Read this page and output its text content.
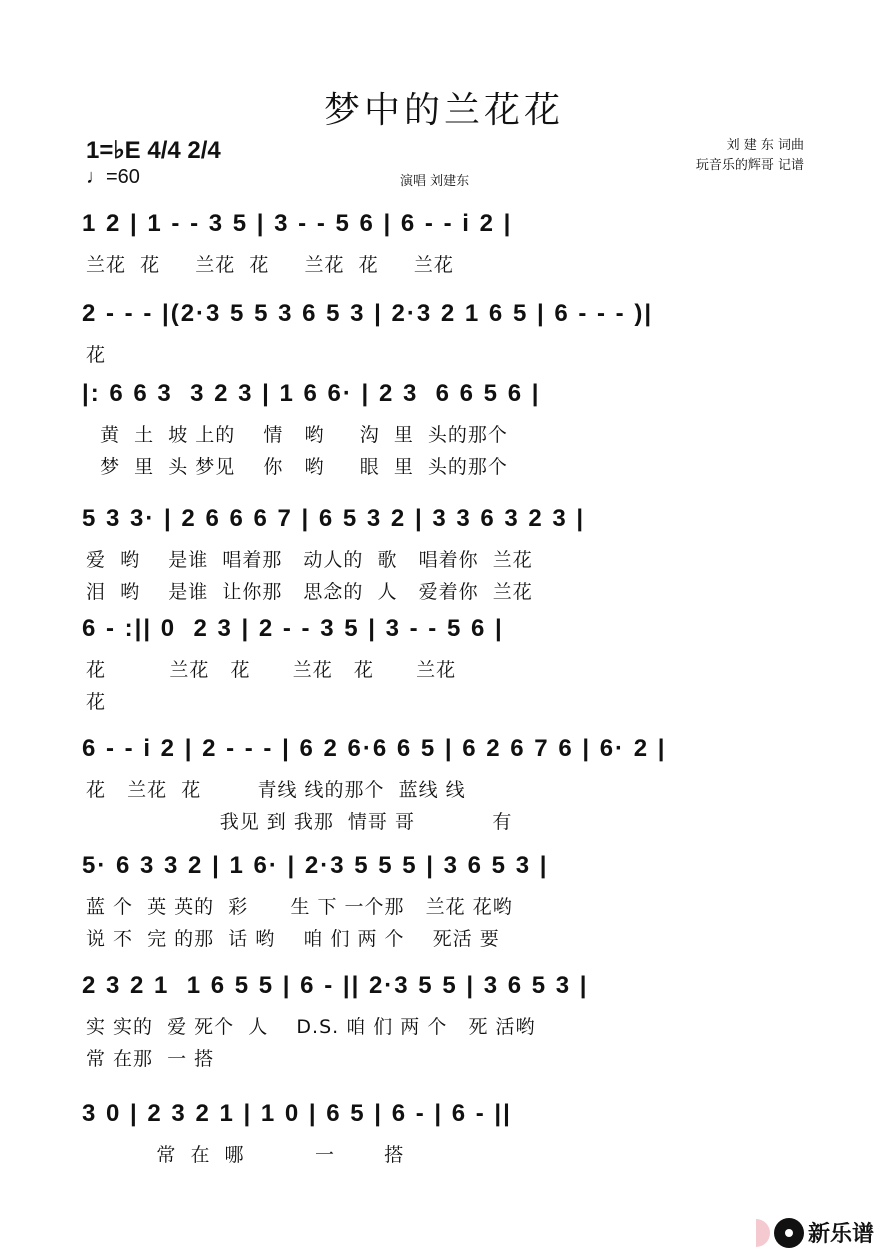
梦中的兰花花
1=♭E 4/4 2/4
♩=60
刘 建 东 词曲
玩音乐的辉哥 记谱
演唱 刘建东
1 2 | 1 - - 3 5 | 3 - - 5 6 | 6 - - i 2 |
兰花  花     兰花  花     兰花  花     兰花
2 - - - |(2·3 5 5 3 6 5 3 | 2·3 2 1 6 5 | 6 - - - )|
花
|: 6 6 3  3 2 3 | 1 6 6· | 2 3  6 6 5 6 |
黄  土  坡 上的    情   哟     沟  里  头的那个
梦  里  头 梦见    你   哟     眼  里  头的那个
5 3 3· | 2 6 6 6 7 | 6 5 3 2 | 3 3 6 3 2 3 |
爱  哟    是谁  唱着那   动人的  歌   唱着你  兰花
泪  哟    是谁  让你那   思念的  人   爱着你  兰花
6 - :|| 0  2 3 | 2 - - 3 5 | 3 - - 5 6 |
花         兰花   花      兰花   花      兰花
花
6 - - i 2 | 2 - - - | 6 2 6·6 6 5 | 6 2 6 7 6 | 6· 2 |
花   兰花  花        青线 线的那个  蓝线 线
我见 到 我那  情哥 哥           有
5· 6 3 3 2 | 1 6· | 2·3 5 5 5 | 3 6 5 3 |
蓝 个  英 英的  彩      生 下 一个那   兰花 花哟
说 不  完 的那  话 哟    咱 们 两 个    死活 要
2 3 2 1  1 6 5 5 | 6 - || 2·3 5 5 | 3 6 5 3 |
实 实的  爱 死个  人    D.S. 咱 们 两 个   死 活哟
常 在那  一 搭
3 0 | 2 3 2 1 | 1 0 | 6 5 | 6 - | 6 - ||
常  在  哪          一       搭
新乐谱
